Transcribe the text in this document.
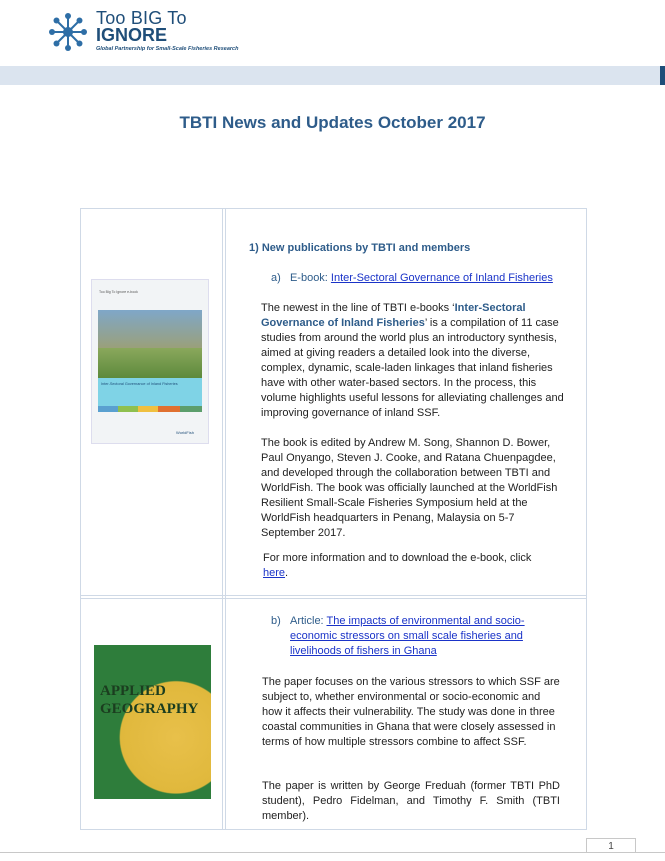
Too BIG To
IGNORE
Global Partnership for Small-Scale Fisheries Research
TBTI News and Updates October 2017
Too Big To Ignore e-book
Inter-Sectoral Governance of Inland Fisheries
WorldFish
APPLIED
GEOGRAPHY
1) New publications by TBTI and members
a) E-book: Inter-Sectoral Governance of Inland Fisheries
The newest in the line of TBTI e-books ‘Inter-Sectoral Governance of Inland Fisheries’ is a compilation of 11 case studies from around the world plus an introductory synthesis, aimed at giving readers a detailed look into the diverse, complex, dynamic, scale-laden linkages that inland fisheries have with other water-based sectors. In the process, this volume highlights useful lessons for alleviating challenges and improving governance of inland SSF.
The book is edited by Andrew M. Song, Shannon D. Bower, Paul Onyango, Steven J. Cooke, and Ratana Chuenpagdee, and developed through the collaboration between TBTI and WorldFish. The book was officially launched at the WorldFish Resilient Small-Scale Fisheries Symposium held at the WorldFish headquarters in Penang, Malaysia on 5-7 September 2017.
For more information and to download the e-book, click here.
b) Article: The impacts of environmental and socio-economic stressors on small scale fisheries and livelihoods of fishers in Ghana
The paper focuses on the various stressors to which SSF are subject to, whether environmental or socio-economic and how it affects their vulnerability. The study was done in three coastal communities in Ghana that were closely assessed in terms of how multiple stressors combine to affect SSF.
The paper is written by George Freduah (former TBTI PhD student), Pedro Fidelman, and Timothy F. Smith (TBTI member).
1
